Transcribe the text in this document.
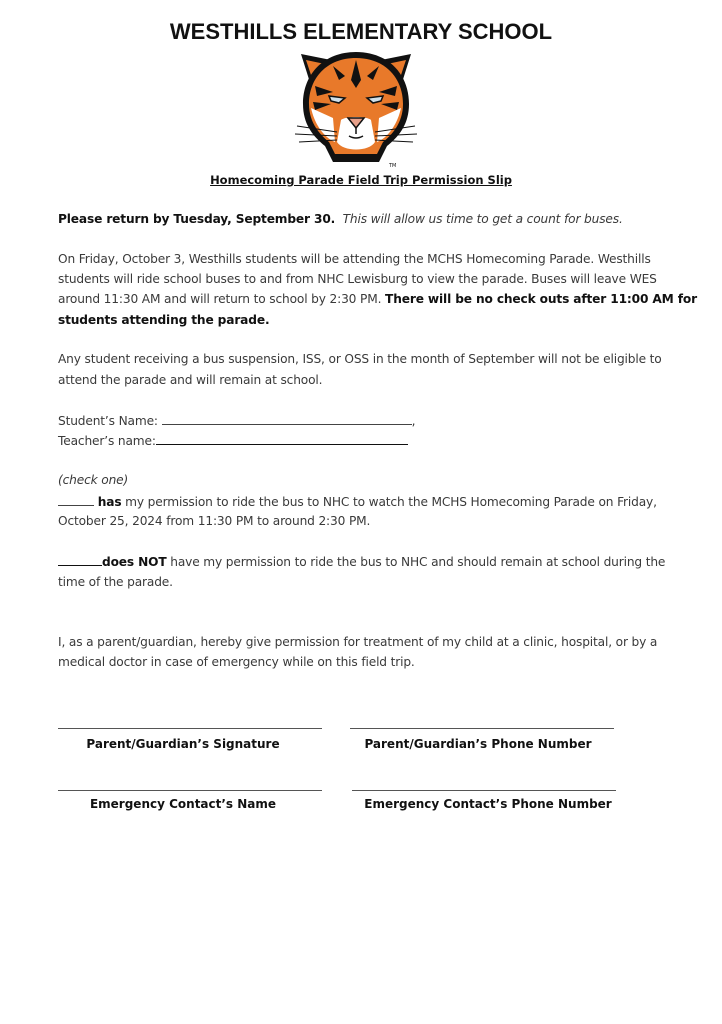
WESTHILLS ELEMENTARY SCHOOL
TM
Homecoming Parade Field Trip Permission Slip
Please return by Tuesday, September 30. This will allow us time to get a count for buses.
On Friday, October 3, Westhills students will be attending the MCHS Homecoming Parade. Westhills
students will ride school buses to and from NHC Lewisburg to view the parade. Buses will leave WES
around 11:30 AM and will return to school by 2:30 PM. There will be no check outs after 11:00 AM for
students attending the parade.
Any student receiving a bus suspension, ISS, or OSS in the month of September will not be eligible to
attend the parade and will remain at school.
Student’s Name:	,
Teacher’s name:
(check one)
has my permission to ride the bus to NHC to watch the MCHS Homecoming Parade on Friday,
October 25, 2024 from 11:30 PM to around 2:30 PM.
does NOT have my permission to ride the bus to NHC and should remain at school during the
time of the parade.
I, as a parent/guardian, hereby give permission for treatment of my child at a clinic, hospital, or by a
medical doctor in case of emergency while on this field trip.
Parent/Guardian’s Signature	Parent/Guardian’s Phone Number
Emergency Contact’s Name	Emergency Contact’s Phone Number
